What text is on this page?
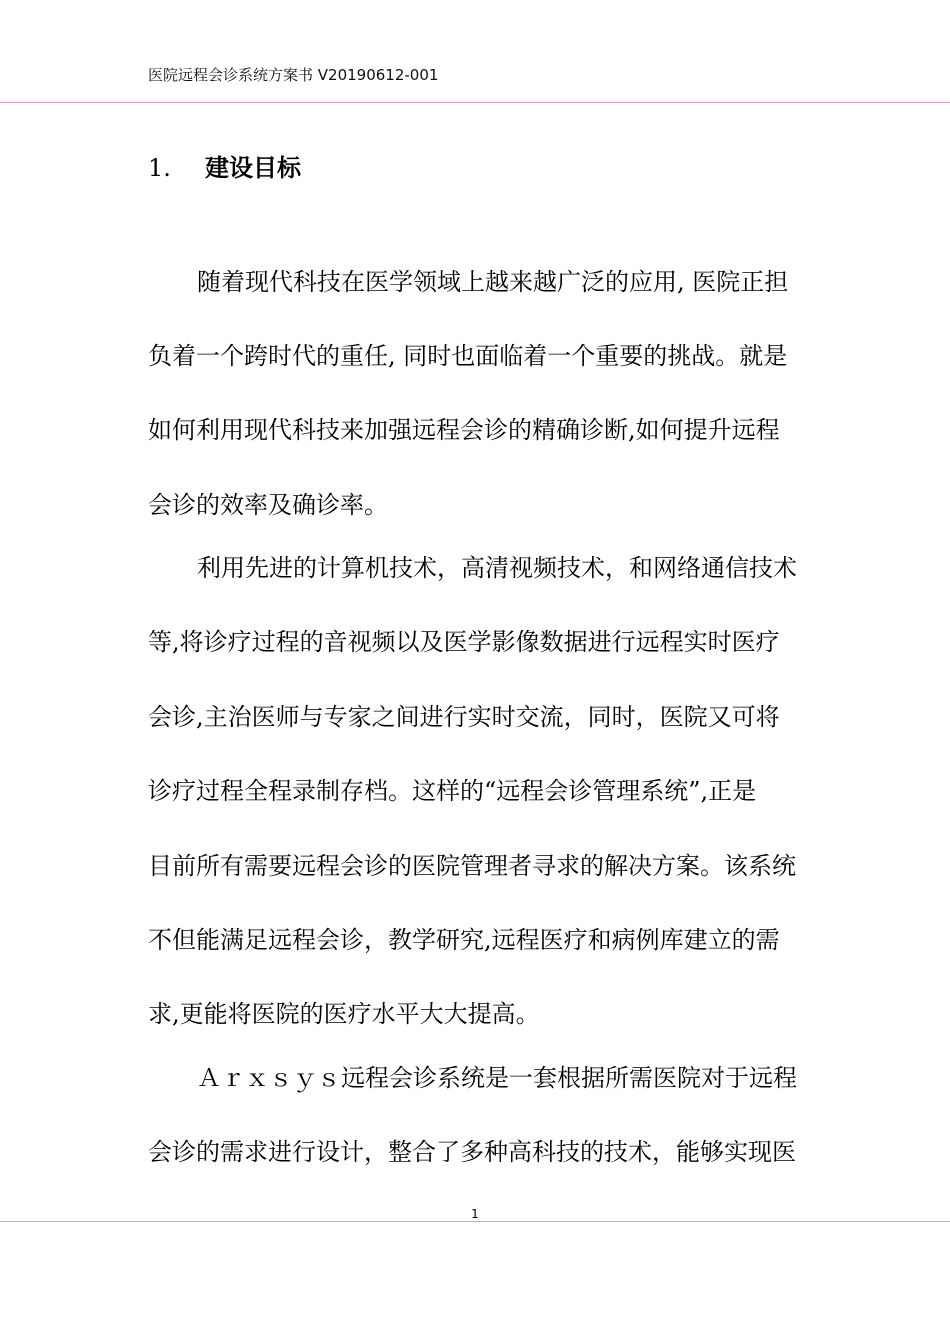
医院远程会诊系统方案书 V20190612-001
1. 建设目标
随着现代科技在医学领域上越来越广泛的应用, 医院正担
负着一个跨时代的重任, 同时也面临着一个重要的挑战。就是
如何利用现代科技来加强远程会诊的精确诊断,如何提升远程
会诊的效率及确诊率。
利用先进的计算机技术，高清视频技术，和网络通信技术
等,将诊疗过程的音视频以及医学影像数据进行远程实时医疗
会诊,主治医师与专家之间进行实时交流，同时，医院又可将
诊疗过程全程录制存档。这样的“远程会诊管理系统”,正是
目前所有需要远程会诊的医院管理者寻求的解决方案。该系统
不但能满足远程会诊，教学研究,远程医疗和病例库建立的需
求,更能将医院的医疗水平大大提高。
Ａｒｘｓｙｓ远程会诊系统是一套根据所需医院对于远程
会诊的需求进行设计，整合了多种高科技的技术，能够实现医
1
